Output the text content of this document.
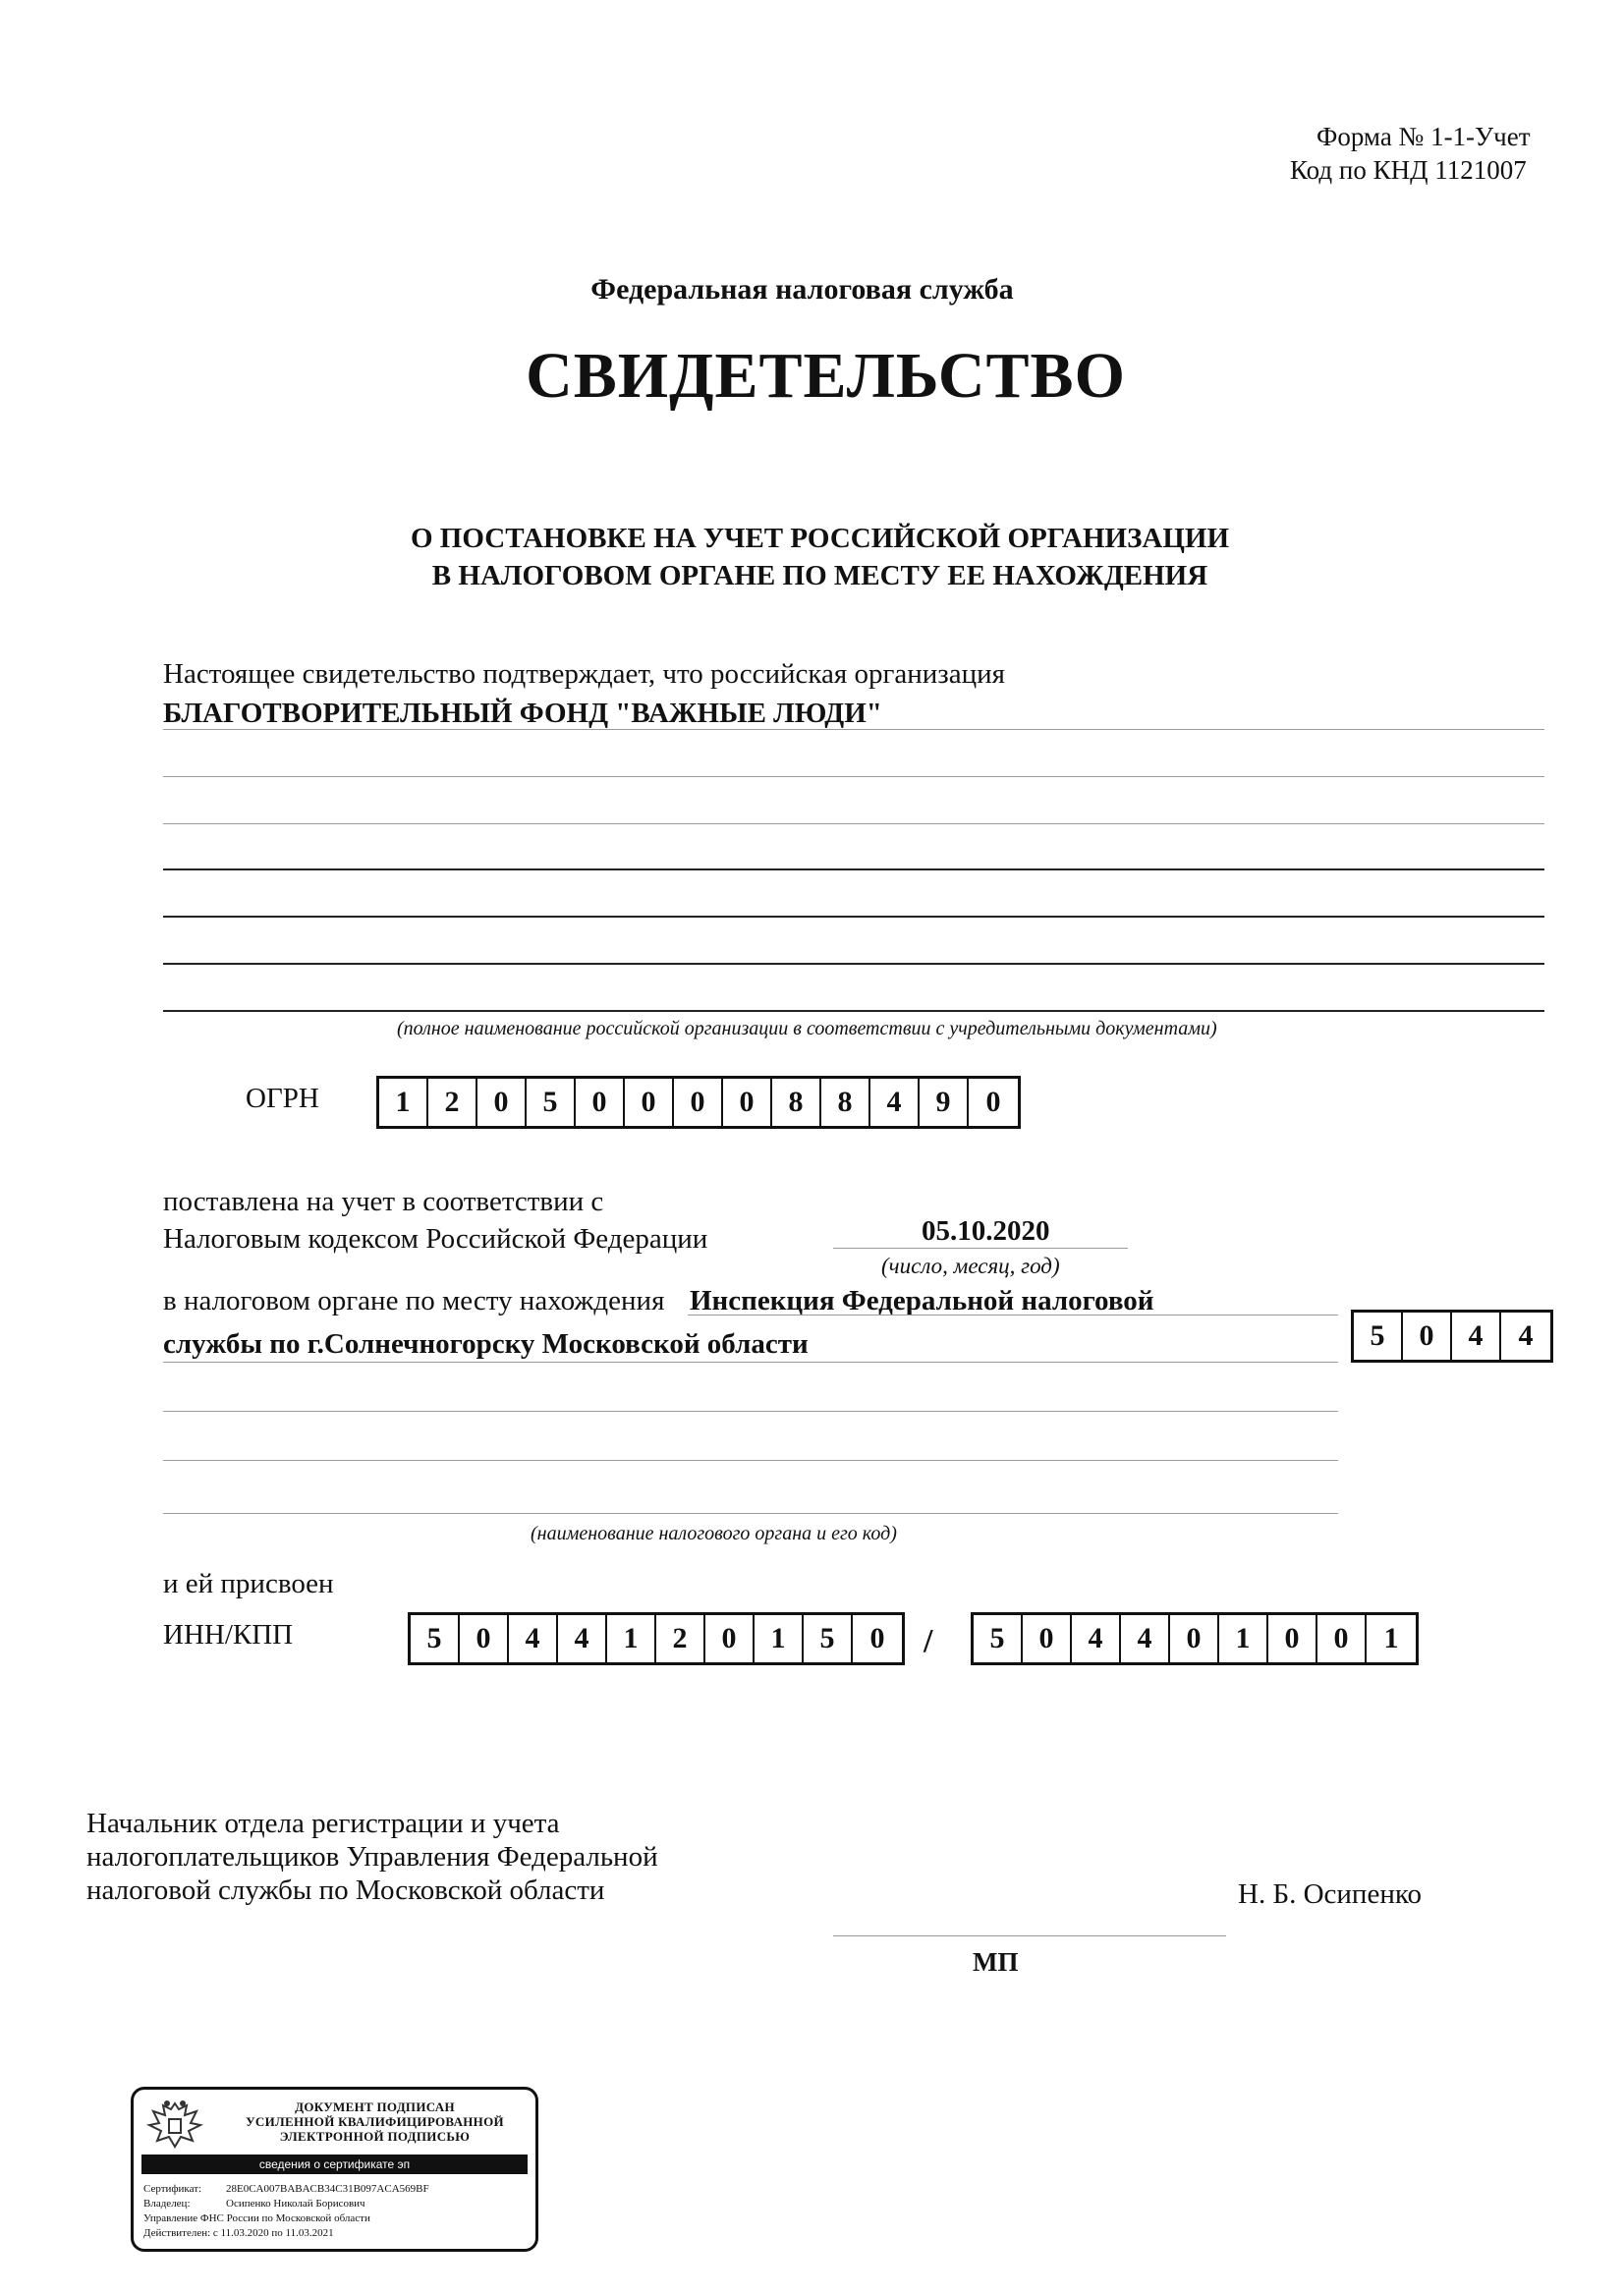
Форма № 1-1-Учет
Код по КНД 1121007
Федеральная налоговая служба
СВИДЕТЕЛЬСТВО
О ПОСТАНОВКЕ НА УЧЕТ РОССИЙСКОЙ ОРГАНИЗАЦИИ
В НАЛОГОВОМ ОРГАНЕ ПО МЕСТУ ЕЕ НАХОЖДЕНИЯ
Настоящее свидетельство подтверждает, что российская организация
БЛАГОТВОРИТЕЛЬНЫЙ ФОНД "ВАЖНЫЕ ЛЮДИ"
(полное наименование российской организации в соответствии с учредительными документами)
ОГРН	1	2	0	5	0	0	0	0	8	8	4	9	0
поставлена на учет в соответствии с
Налоговым кодексом Российской Федерации	05.10.2020
(число, месяц, год)
в налоговом органе по месту нахождения Инспекция Федеральной налоговой
службы по г.Солнечногорску Московской области	5	0	4	4
(наименование налогового органа и его код)
и ей присвоен
ИНН/КПП	5	0	4	4	1	2	0	1	5	0	/	5	0	4	4	0	1	0	0	1
Начальник отдела регистрации и учета
налогоплательщиков Управления Федеральной
налоговой службы по Московской области	Н. Б. Осипенко
МП
ДОКУМЕНТ ПОДПИСАН
УСИЛЕННОЙ КВАЛИФИЦИРОВАННОЙ
ЭЛЕКТРОННОЙ ПОДПИСЬЮ
сведения о сертификате эп
Сертификат: 28E0CA007BABACB34C31B097ACA569BF
Владелец:	Осипенко Николай Борисович
Управление ФНС России по Московской области
Действителен: с 11.03.2020 по 11.03.2021
